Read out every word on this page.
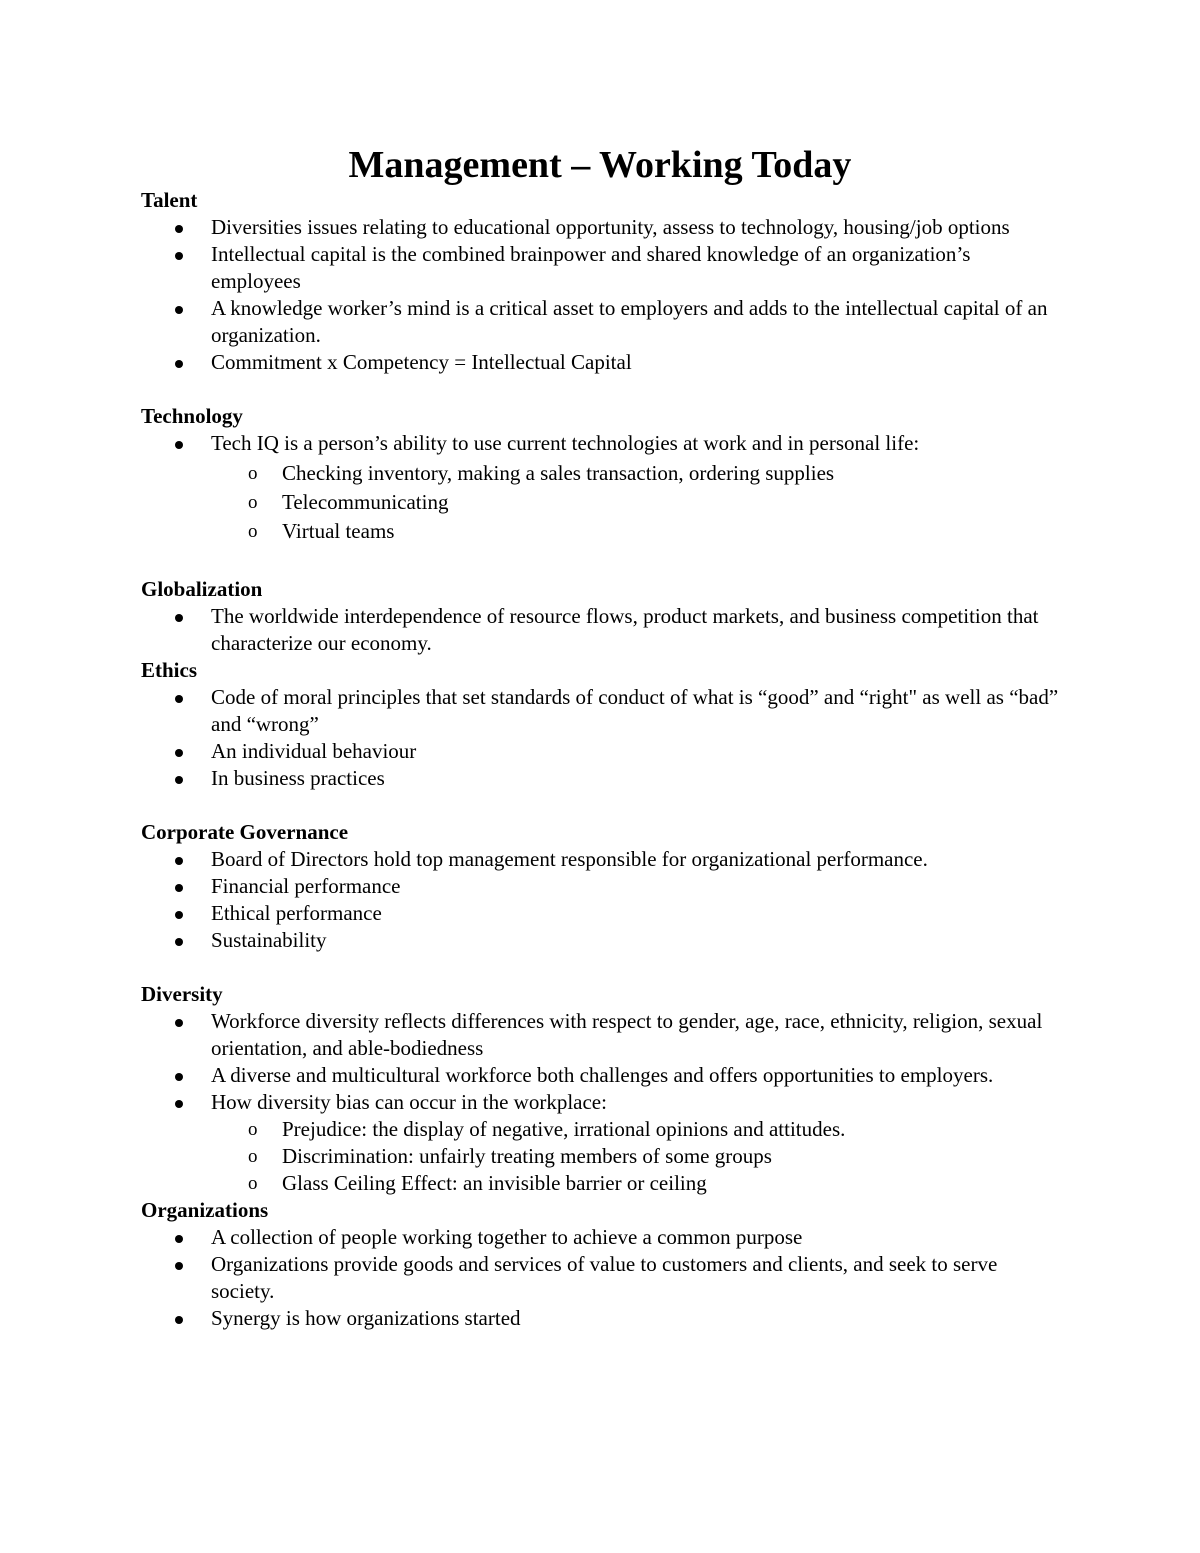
Management – Working Today
Talent
Diversities issues relating to educational opportunity, assess to technology, housing/job options
Intellectual capital is the combined brainpower and shared knowledge of an organization’s employees
A knowledge worker’s mind is a critical asset to employers and adds to the intellectual capital of an organization.
Commitment x Competency = Intellectual Capital
Technology
Tech IQ is a person’s ability to use current technologies at work and in personal life:
o Checking inventory, making a sales transaction, ordering supplies
o Telecommunicating
o Virtual teams
Globalization
The worldwide interdependence of resource flows, product markets, and business competition that characterize our economy.
Ethics
Code of moral principles that set standards of conduct of what is “good” and “right" as well as “bad” and “wrong”
An individual behaviour
In business practices
Corporate Governance
Board of Directors hold top management responsible for organizational performance.
Financial performance
Ethical performance
Sustainability
Diversity
Workforce diversity reflects differences with respect to gender, age, race, ethnicity, religion, sexual orientation, and able-bodiedness
A diverse and multicultural workforce both challenges and offers opportunities to employers.
How diversity bias can occur in the workplace:
o Prejudice: the display of negative, irrational opinions and attitudes.
o Discrimination: unfairly treating members of some groups
o Glass Ceiling Effect: an invisible barrier or ceiling
Organizations
A collection of people working together to achieve a common purpose
Organizations provide goods and services of value to customers and clients, and seek to serve society.
Synergy is how organizations started
